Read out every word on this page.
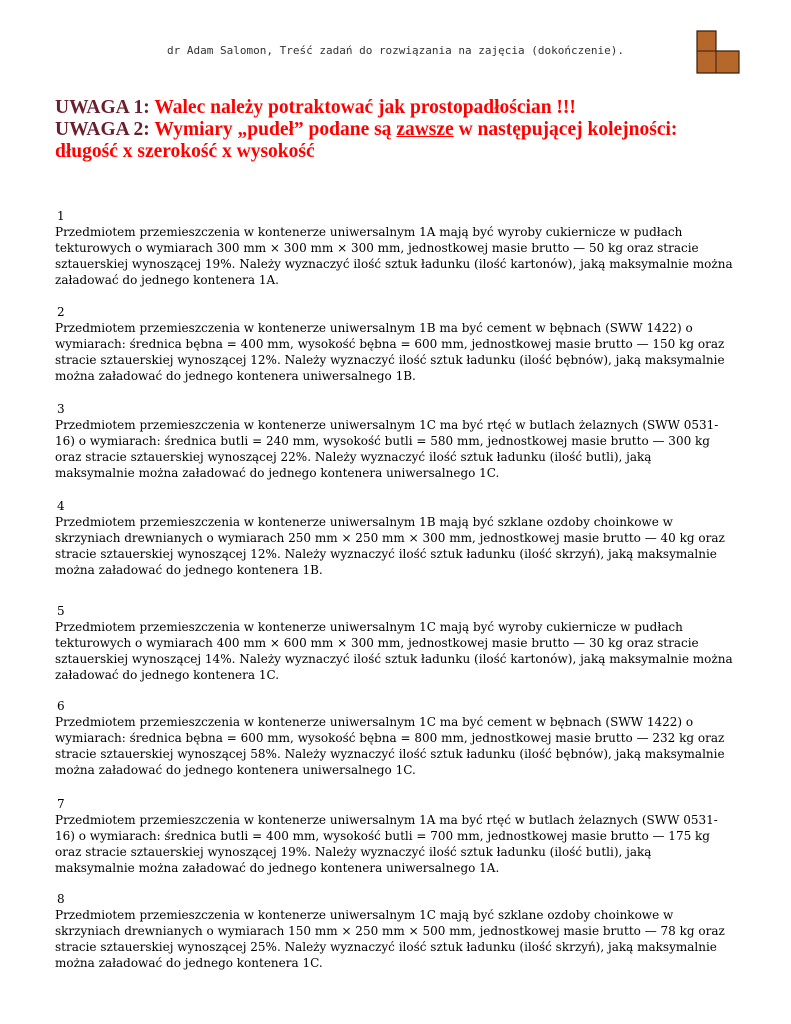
dr Adam Salomon, Treść zadań do rozwiązania na zajęcia (dokończenie).
UWAGA 1: Walec należy potraktować jak prostopadłościan !!!
UWAGA 2: Wymiary „pudeł” podane są zawsze w następującej kolejności: długość x szerokość x wysokość
1
Przedmiotem przemieszczenia w kontenerze uniwersalnym 1A mają być wyroby cukiernicze w pudłach tekturowych o wymiarach 300 mm × 300 mm × 300 mm, jednostkowej masie brutto — 50 kg oraz stracie sztauerskiej wynoszącej 19%. Należy wyznaczyć ilość sztuk ładunku (ilość kartonów), jaką maksymalnie można załadować do jednego kontenera 1A.
2
Przedmiotem przemieszczenia w kontenerze uniwersalnym 1B ma być cement w bębnach (SWW 1422) o wymiarach: średnica bębna = 400 mm, wysokość bębna = 600 mm, jednostkowej masie brutto — 150 kg oraz stracie sztauerskiej wynoszącej 12%. Należy wyznaczyć ilość sztuk ładunku (ilość bębnów), jaką maksymalnie można załadować do jednego kontenera uniwersalnego 1B.
3
Przedmiotem przemieszczenia w kontenerze uniwersalnym 1C ma być rtęć w butlach żelaznych (SWW 0531-16) o wymiarach: średnica butli = 240 mm, wysokość butli = 580 mm, jednostkowej masie brutto — 300 kg oraz stracie sztauerskiej wynoszącej 22%. Należy wyznaczyć ilość sztuk ładunku (ilość butli), jaką maksymalnie można załadować do jednego kontenera uniwersalnego 1C.
4
Przedmiotem przemieszczenia w kontenerze uniwersalnym 1B mają być szklane ozdoby choinkowe w skrzyniach drewnianych o wymiarach 250 mm × 250 mm × 300 mm, jednostkowej masie brutto — 40 kg oraz stracie sztauerskiej wynoszącej 12%. Należy wyznaczyć ilość sztuk ładunku (ilość skrzyń), jaką maksymalnie można załadować do jednego kontenera 1B.
5
Przedmiotem przemieszczenia w kontenerze uniwersalnym 1C mają być wyroby cukiernicze w pudłach tekturowych o wymiarach 400 mm × 600 mm × 300 mm, jednostkowej masie brutto — 30 kg oraz stracie sztauerskiej wynoszącej 14%. Należy wyznaczyć ilość sztuk ładunku (ilość kartonów), jaką maksymalnie można załadować do jednego kontenera 1C.
6
Przedmiotem przemieszczenia w kontenerze uniwersalnym 1C ma być cement w bębnach (SWW 1422) o wymiarach: średnica bębna = 600 mm, wysokość bębna = 800 mm, jednostkowej masie brutto — 232 kg oraz stracie sztauerskiej wynoszącej 58%. Należy wyznaczyć ilość sztuk ładunku (ilość bębnów), jaką maksymalnie można załadować do jednego kontenera uniwersalnego 1C.
7
Przedmiotem przemieszczenia w kontenerze uniwersalnym 1A ma być rtęć w butlach żelaznych (SWW 0531-16) o wymiarach: średnica butli = 400 mm, wysokość butli = 700 mm, jednostkowej masie brutto — 175 kg oraz stracie sztauerskiej wynoszącej 19%. Należy wyznaczyć ilość sztuk ładunku (ilość butli), jaką maksymalnie można załadować do jednego kontenera uniwersalnego 1A.
8
Przedmiotem przemieszczenia w kontenerze uniwersalnym 1C mają być szklane ozdoby choinkowe w skrzyniach drewnianych o wymiarach 150 mm × 250 mm × 500 mm, jednostkowej masie brutto — 78 kg oraz stracie sztauerskiej wynoszącej 25%. Należy wyznaczyć ilość sztuk ładunku (ilość skrzyń), jaką maksymalnie można załadować do jednego kontenera 1C.
